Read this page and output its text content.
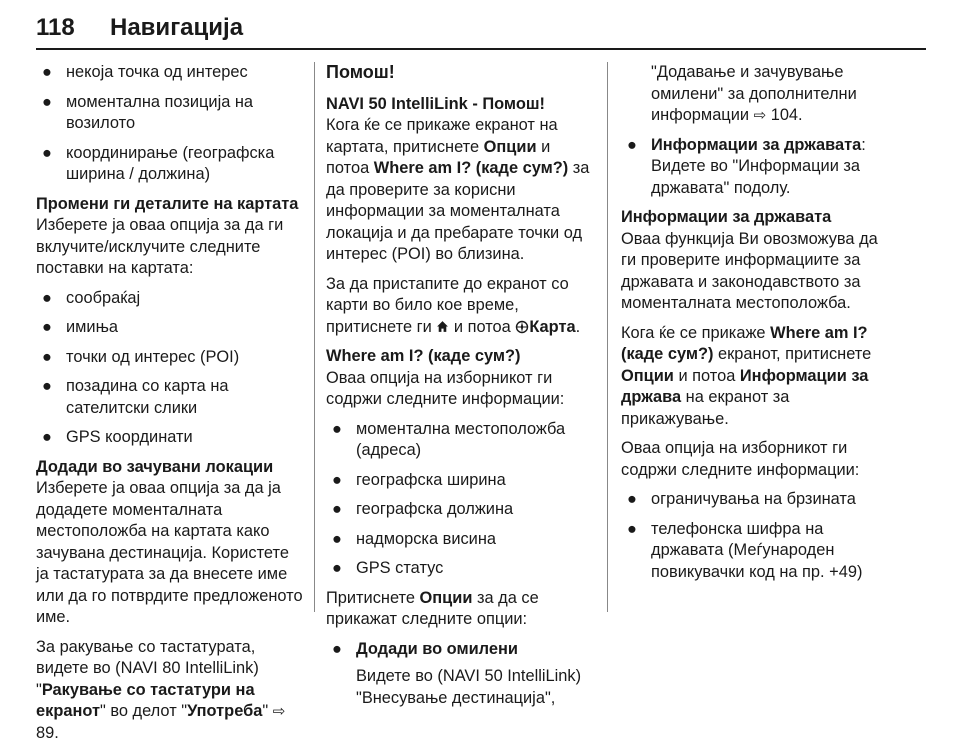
118 Навигација
● некоја точка од интерес
● моментална позиција на возилото
● координирање (географска ширина / должина)

Промени ги деталите на картата

Изберете ја оваа опција за да ги вклучите/исклучите следните поставки на картата:

● сообраќај
● имиња
● точки од интерес (POI)
● позадина со карта на сателитски слики
● GPS координати

Додади во зачувани локации

Изберете ја оваа опција за да ја додадете моменталната местоположба на картата како зачувана дестинација. Користете ја тастатурата за да внесете име или да го потврдите предложеното име.

За ракување со тастатурата, видете во (NAVI 80 IntelliLink) "Ракување со тастатури на екранот" во делот "Употреба" ⇨ 89.

Помош!

NAVI 50 IntelliLink - Помош!

Кога ќе се прикаже екранот на картата, притиснете Опции и потоа Where am I? (каде сум?) за да проверите за корисни информации за моменталната локација и да пребарате точки од интерес (POI) во близина.

За да пристапите до екранот со карти во било кое време, притиснете ги  и потоа Карта.

Where am I? (каде сум?)

Оваа опција на изборникот ги содржи следните информации:

● моментална местоположба (адреса)
● географска ширина
● географска должина
● надморска висина
● GPS статус

Притиснете Опции за да се прикажат следните опции:

● Додади во омилени

Видете во (NAVI 50 IntelliLink) "Внесување дестинација",

"Додавање и зачувување омилени" за дополнителни информации ⇨ 104.

● Информации за државата: Видете во "Информации за државата" подолу.

Информации за државата

Оваа функција Ви овозможува да ги проверите информациите за државата и законодавството за моменталната местоположба.

Кога ќе се прикаже Where am I? (каде сум?) екранот, притиснете Опции и потоа Информации за држава на екранот за прикажување.

Оваа опција на изборникот ги содржи следните информации:

● ограничувања на брзината
● телефонска шифра на државата (Меѓународен повикувачки код на пр. +49)
